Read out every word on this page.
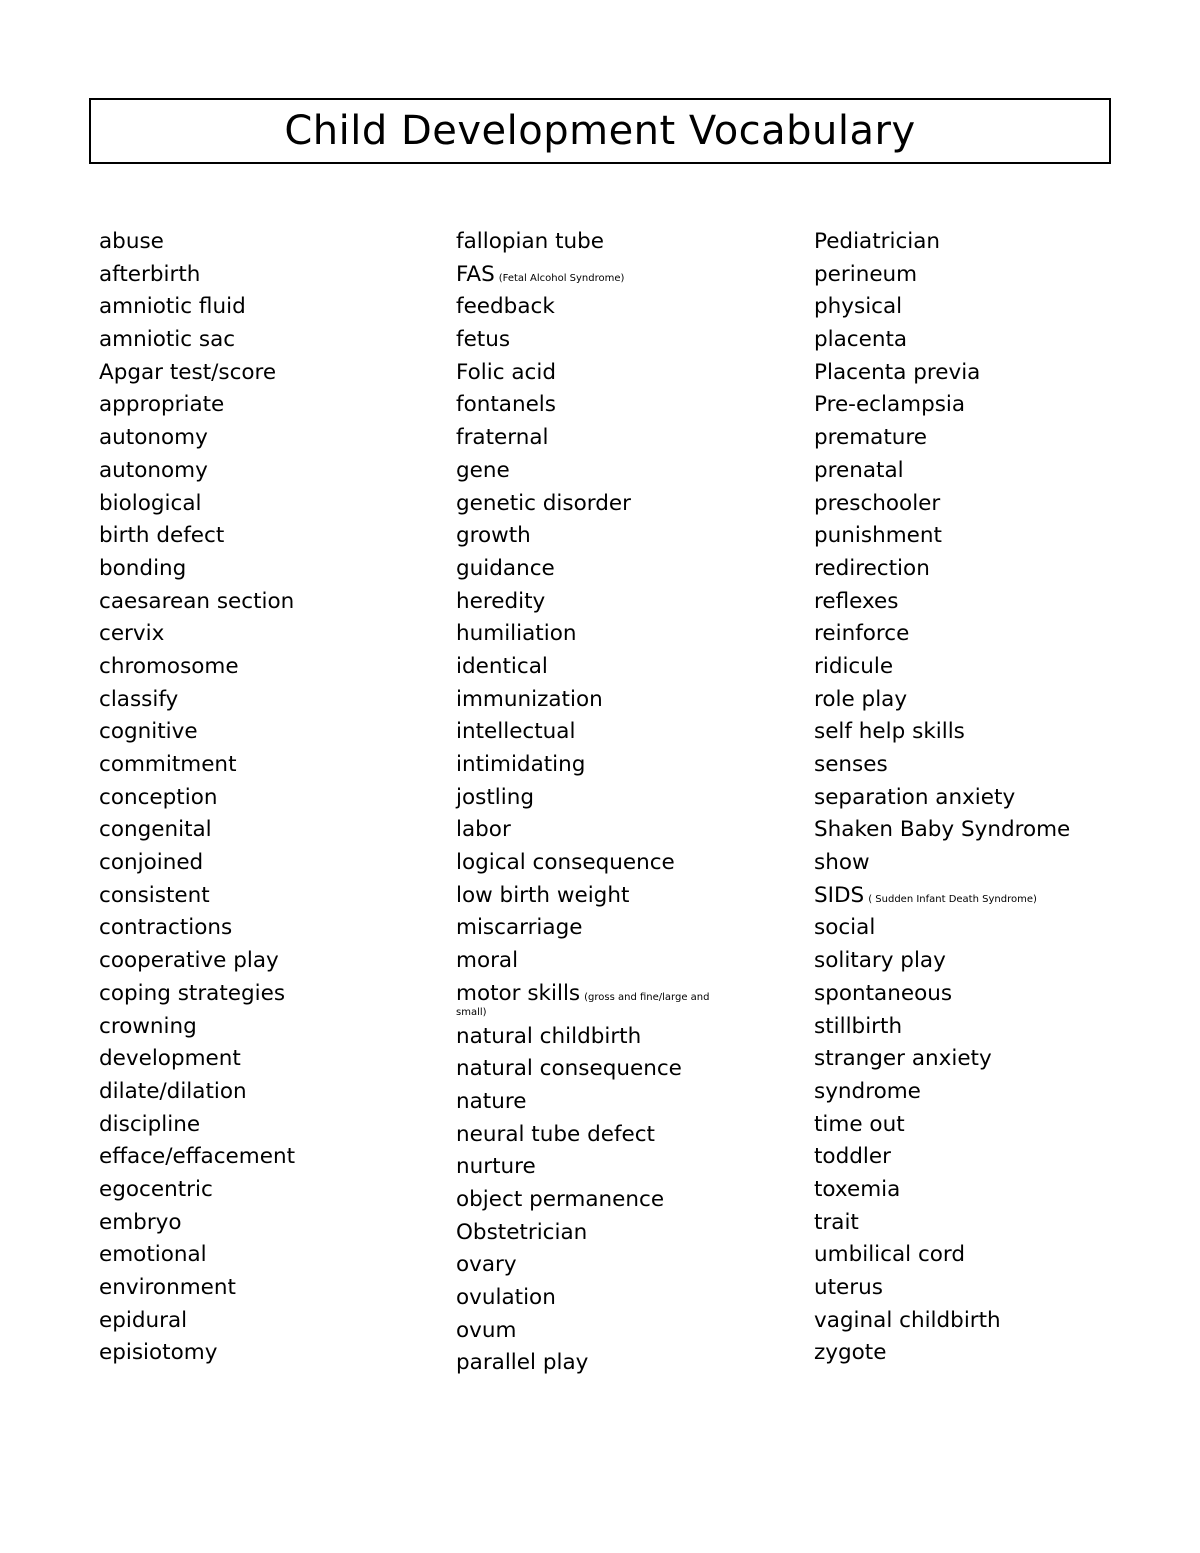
Child Development Vocabulary
abuse
afterbirth
amniotic fluid
amniotic sac
Apgar test/score
appropriate
autonomy
autonomy
biological
birth defect
bonding
caesarean section
cervix
chromosome
classify
cognitive
commitment
conception
congenital
conjoined
consistent
contractions
cooperative play
coping strategies
crowning
development
dilate/dilation
discipline
efface/effacement
egocentric
embryo
emotional
environment
epidural
episiotomy
fallopian tube
FAS (Fetal Alcohol Syndrome)
feedback
fetus
Folic acid
fontanels
fraternal
gene
genetic disorder
growth
guidance
heredity
humiliation
identical
immunization
intellectual
intimidating
jostling
labor
logical consequence
low birth weight
miscarriage
moral
motor skills (gross and fine/large and
small)
natural childbirth
natural consequence
nature
neural tube defect
nurture
object permanence
Obstetrician
ovary
ovulation
ovum
parallel play
Pediatrician
perineum
physical
placenta
Placenta previa
Pre-eclampsia
premature
prenatal
preschooler
punishment
redirection
reflexes
reinforce
ridicule
role play
self help skills
senses
separation anxiety
Shaken Baby Syndrome
show
SIDS ( Sudden Infant Death Syndrome)
social
solitary play
spontaneous
stillbirth
stranger anxiety
syndrome
time out
toddler
toxemia
trait
umbilical cord
uterus
vaginal childbirth
zygote
